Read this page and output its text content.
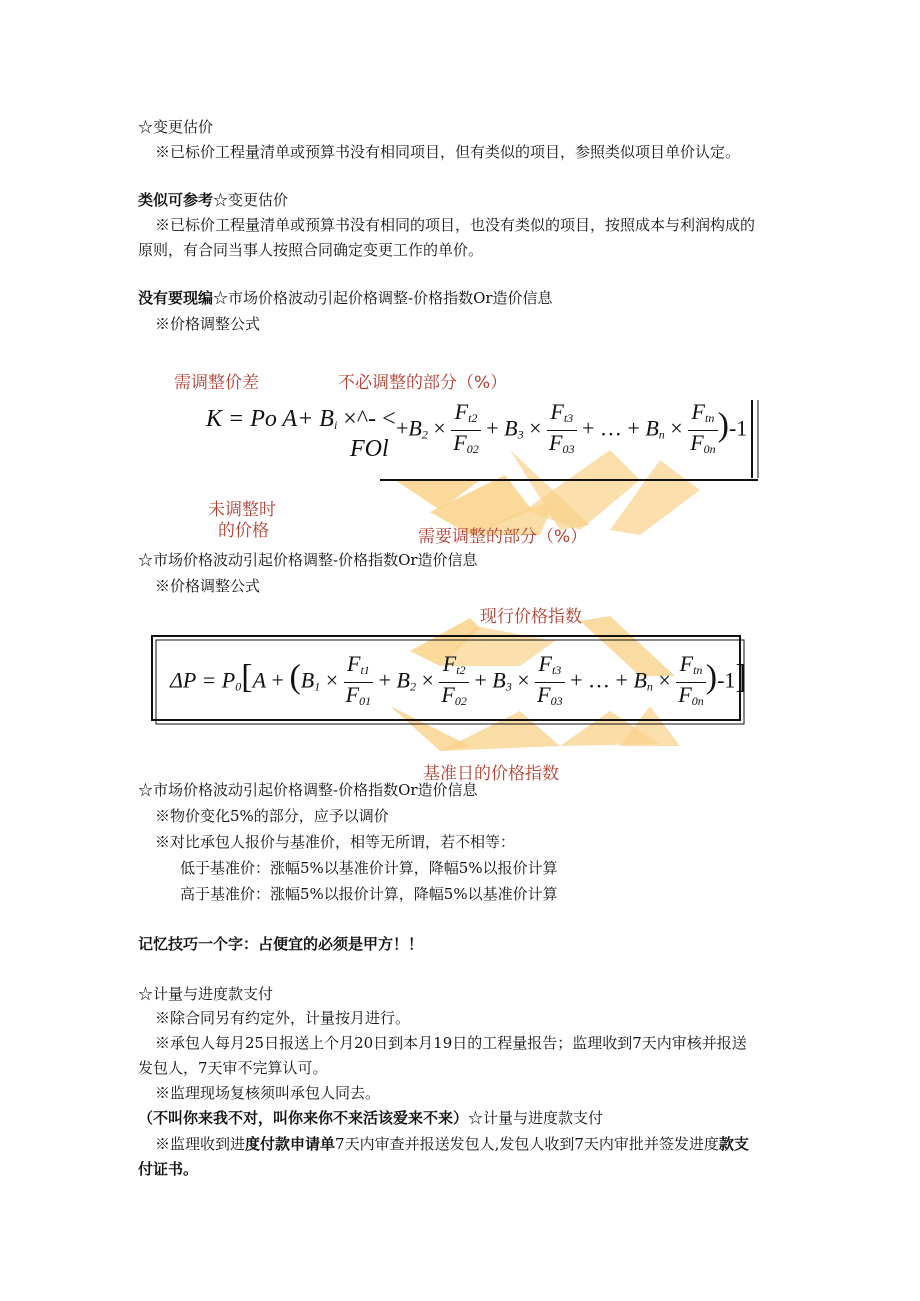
☆变更估价
※已标价工程量清单或预算书没有相同项目，但有类似的项目，参照类似项目单价认定。
类似可参考☆变更估价
※已标价工程量清单或预算书没有相同的项目，也没有类似的项目，按照成本与利润构成的
原则，有合同当事人按照合同确定变更工作的单价。
没有要现编☆市场价格波动引起价格调整-价格指数Or造价信息
※价格调整公式
需调整价差	不必调整的部分（%）
未调整时
的价格	需要调整的部分（%）
K = Po $A+ B_i$ ×^- <
FOl
$+B_2 \times \frac{F_{t2}}{F_{02}} + B_3 \times \frac{F_{t3}}{F_{03}}$ + … + $B_n \times \frac{F_{tn}}{F_{0n}} )-1$
☆市场价格波动引起价格调整-价格指数Or造价信息
※价格调整公式
现行价格指数
基准日的价格指数
$\Delta P = P_0[A + (B_1 \times \frac{F_{t1}}{F_{01}} + B_2 \times \frac{F_{t2}}{F_{02}} + B_3 \times \frac{F_{t3}}{F_{03}}$ + … + $B_n \times \frac{F_{tn}}{F_{0n}} )-1$]
☆市场价格波动引起价格调整-价格指数Or造价信息
※物价变化5%的部分，应予以调价
※对比承包人报价与基准价，相等无所谓，若不相等：
低于基准价：涨幅5%以基准价计算，降幅5%以报价计算
高于基准价：涨幅5%以报价计算，降幅5%以基准价计算
记忆技巧一个字：占便宜的必须是甲方！！
☆计量与进度款支付
※除合同另有约定外，计量按月进行。
※承包人每月25日报送上个月20日到本月19日的工程量报告；监理收到7天内审核并报送
发包人，7天审不完算认可。
※监理现场复核须叫承包人同去。
（不叫你来我不对，叫你来你不来活该爱来不来）☆计量与进度款支付
※监理收到进度付款申请单7天内审查并报送发包人,发包人收到7天内审批并签发进度款支
付证书。
